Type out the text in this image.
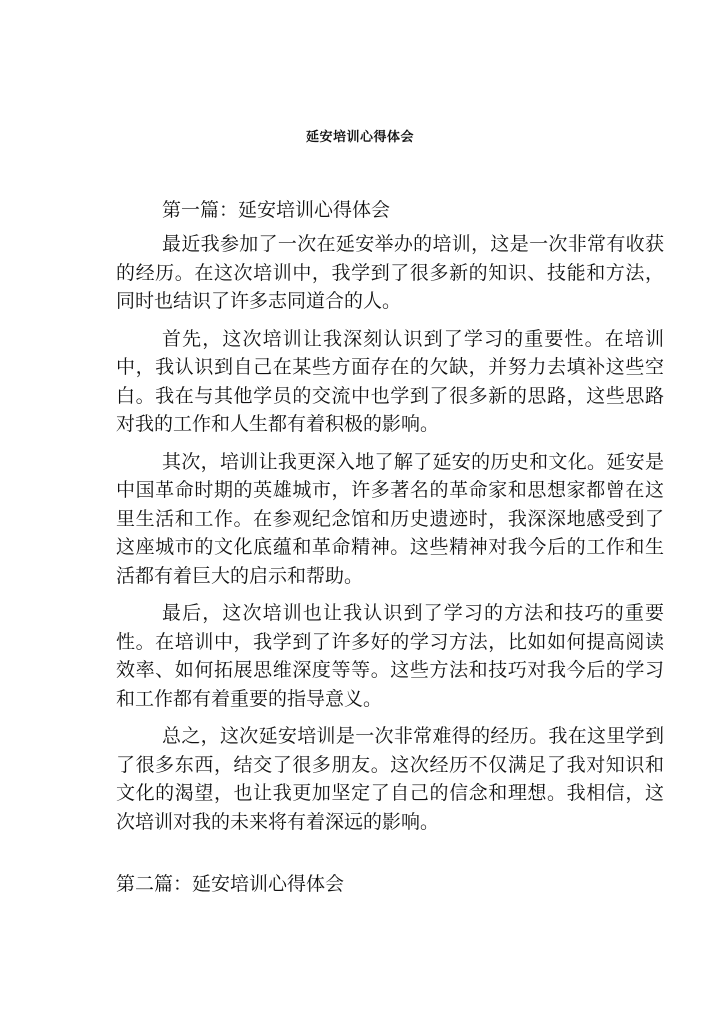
延安培训心得体会
第一篇：延安培训心得体会

最近我参加了一次在延安举办的培训，这是一次非常有收获的经历。在这次培训中，我学到了很多新的知识、技能和方法，同时也结识了许多志同道合的人。

首先，这次培训让我深刻认识到了学习的重要性。在培训中，我认识到自己在某些方面存在的欠缺，并努力去填补这些空白。我在与其他学员的交流中也学到了很多新的思路，这些思路对我的工作和人生都有着积极的影响。

其次，培训让我更深入地了解了延安的历史和文化。延安是中国革命时期的英雄城市，许多著名的革命家和思想家都曾在这里生活和工作。在参观纪念馆和历史遗迹时，我深深地感受到了这座城市的文化底蕴和革命精神。这些精神对我今后的工作和生活都有着巨大的启示和帮助。

最后，这次培训也让我认识到了学习的方法和技巧的重要性。在培训中，我学到了许多好的学习方法，比如如何提高阅读效率、如何拓展思维深度等等。这些方法和技巧对我今后的学习和工作都有着重要的指导意义。

总之，这次延安培训是一次非常难得的经历。我在这里学到了很多东西，结交了很多朋友。这次经历不仅满足了我对知识和文化的渴望，也让我更加坚定了自己的信念和理想。我相信，这次培训对我的未来将有着深远的影响。

第二篇：延安培训心得体会
